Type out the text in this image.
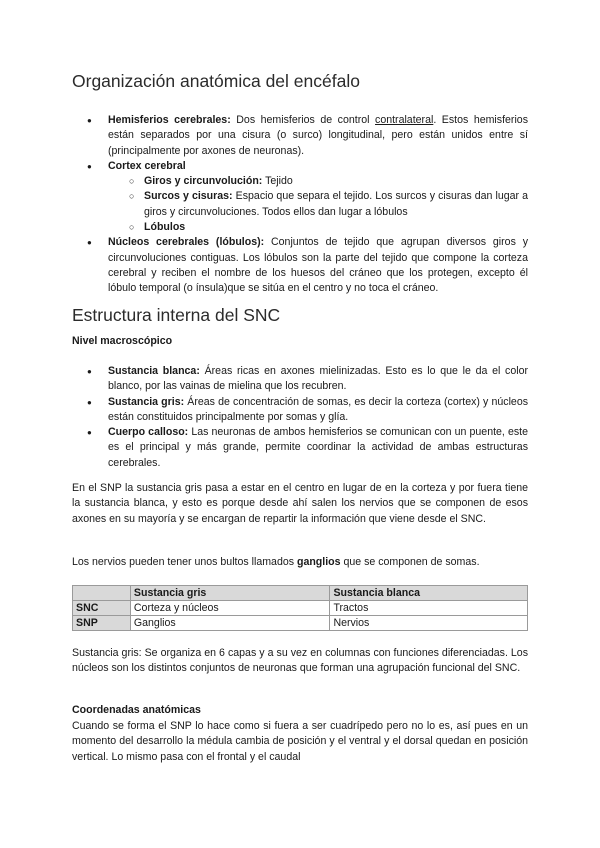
Organización anatómica del encéfalo
● Hemisferios cerebrales: Dos hemisferios de control contralateral. Estos hemisferios están separados por una cisura (o surco) longitudinal, pero están unidos entre sí (principalmente por axones de neuronas).
● Cortex cerebral
○ Giros y circunvolución: Tejido
○ Surcos y cisuras: Espacio que separa el tejido. Los surcos y cisuras dan lugar a giros y circunvoluciones. Todos ellos dan lugar a lóbulos
○ Lóbulos
● Núcleos cerebrales (lóbulos): Conjuntos de tejido que agrupan diversos giros y circunvoluciones contiguas. Los lóbulos son la parte del tejido que compone la corteza cerebral y reciben el nombre de los huesos del cráneo que los protegen, excepto él lóbulo temporal (o ínsula)que se sitúa en el centro y no toca el cráneo.
Estructura interna del SNC

Nivel macroscópico

● Sustancia blanca: Áreas ricas en axones mielinizadas. Esto es lo que le da el color blanco, por las vainas de mielina que los recubren.
● Sustancia gris: Áreas de concentración de somas, es decir la corteza (cortex) y núcleos están constituidos principalmente por somas y glía.
● Cuerpo calloso: Las neuronas de ambos hemisferios se comunican con un puente, este es el principal y más grande, permite coordinar la actividad de ambas estructuras cerebrales.

En el SNP la sustancia gris pasa a estar en el centro en lugar de en la corteza y por fuera tiene la sustancia blanca, y esto es porque desde ahí salen los nervios que se componen de esos axones en su mayoría y se encargan de repartir la información que viene desde el SNC.

Los nervios pueden tener unos bultos llamados ganglios que se componen de somas.

	Sustancia gris	Sustancia blanca
SNC	Corteza y núcleos	Tractos
SNP	Ganglios	Nervios

Sustancia gris: Se organiza en 6 capas y a su vez en columnas con funciones diferenciadas. Los núcleos son los distintos conjuntos de neuronas que forman una agrupación funcional del SNC.

Coordenadas anatómicas

Cuando se forma el SNP lo hace como si fuera a ser cuadrípedo pero no lo es, así pues en un momento del desarrollo la médula cambia de posición y el ventral y el dorsal quedan en posición vertical. Lo mismo pasa con el frontal y el caudal
